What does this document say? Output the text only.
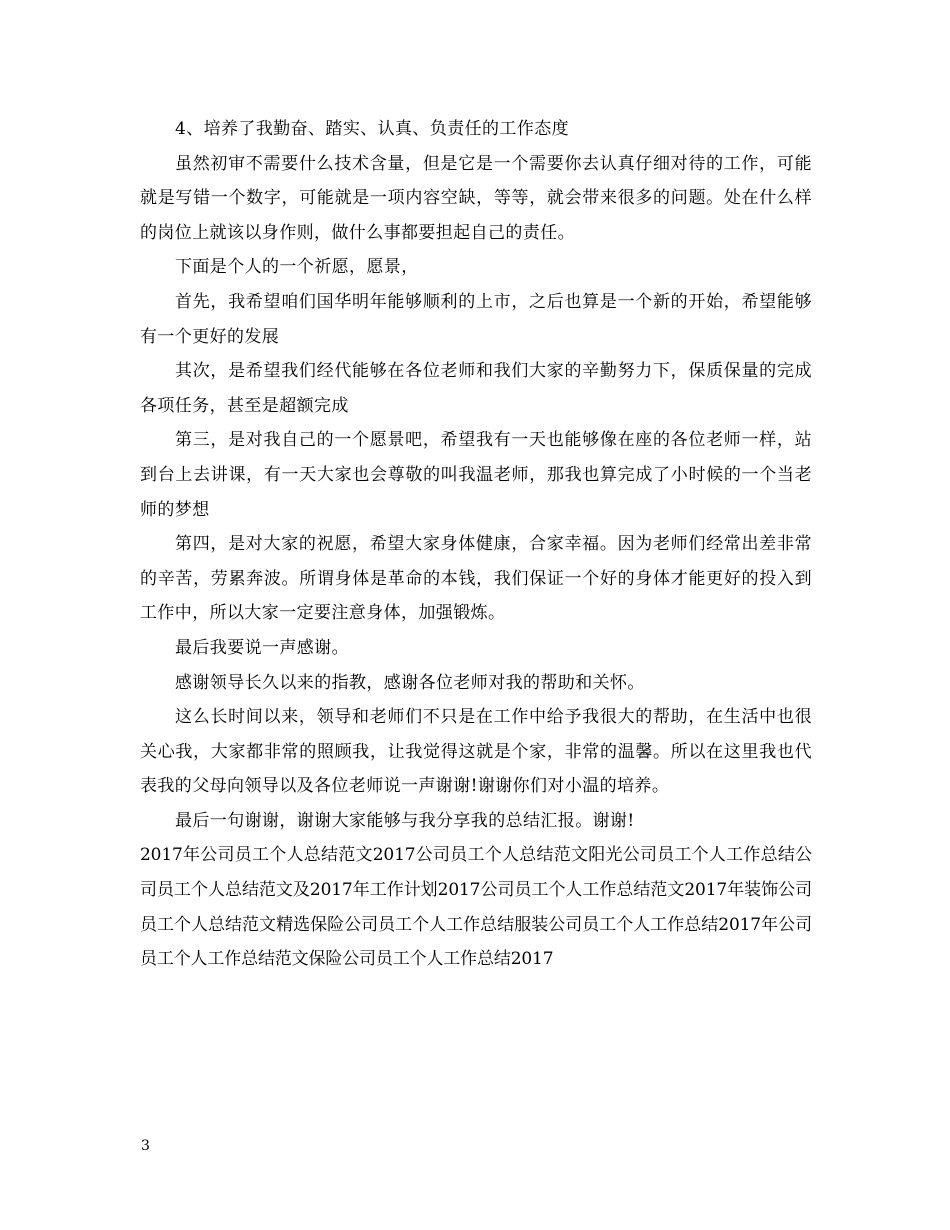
4、培养了我勤奋、踏实、认真、负责任的工作态度

虽然初审不需要什么技术含量，但是它是一个需要你去认真仔细对待的工作，可能就是写错一个数字，可能就是一项内容空缺，等等，就会带来很多的问题。处在什么样的岗位上就该以身作则，做什么事都要担起自己的责任。

下面是个人的一个祈愿，愿景，

首先，我希望咱们国华明年能够顺利的上市，之后也算是一个新的开始，希望能够有一个更好的发展

其次，是希望我们经代能够在各位老师和我们大家的辛勤努力下，保质保量的完成各项任务，甚至是超额完成

第三，是对我自己的一个愿景吧，希望我有一天也能够像在座的各位老师一样，站到台上去讲课，有一天大家也会尊敬的叫我温老师，那我也算完成了小时候的一个当老师的梦想

第四，是对大家的祝愿，希望大家身体健康，合家幸福。因为老师们经常出差非常的辛苦，劳累奔波。所谓身体是革命的本钱，我们保证一个好的身体才能更好的投入到工作中，所以大家一定要注意身体，加强锻炼。

最后我要说一声感谢。

感谢领导长久以来的指教，感谢各位老师对我的帮助和关怀。

这么长时间以来，领导和老师们不只是在工作中给予我很大的帮助，在生活中也很关心我，大家都非常的照顾我，让我觉得这就是个家，非常的温馨。所以在这里我也代表我的父母向领导以及各位老师说一声谢谢!谢谢你们对小温的培养。

最后一句谢谢，谢谢大家能够与我分享我的总结汇报。谢谢!

2017年公司员工个人总结范文2017公司员工个人总结范文阳光公司员工个人工作总结公司员工个人总结范文及2017年工作计划2017公司员工个人工作总结范文2017年装饰公司员工个人总结范文精选保险公司员工个人工作总结服装公司员工个人工作总结2017年公司员工个人工作总结范文保险公司员工个人工作总结2017

3
